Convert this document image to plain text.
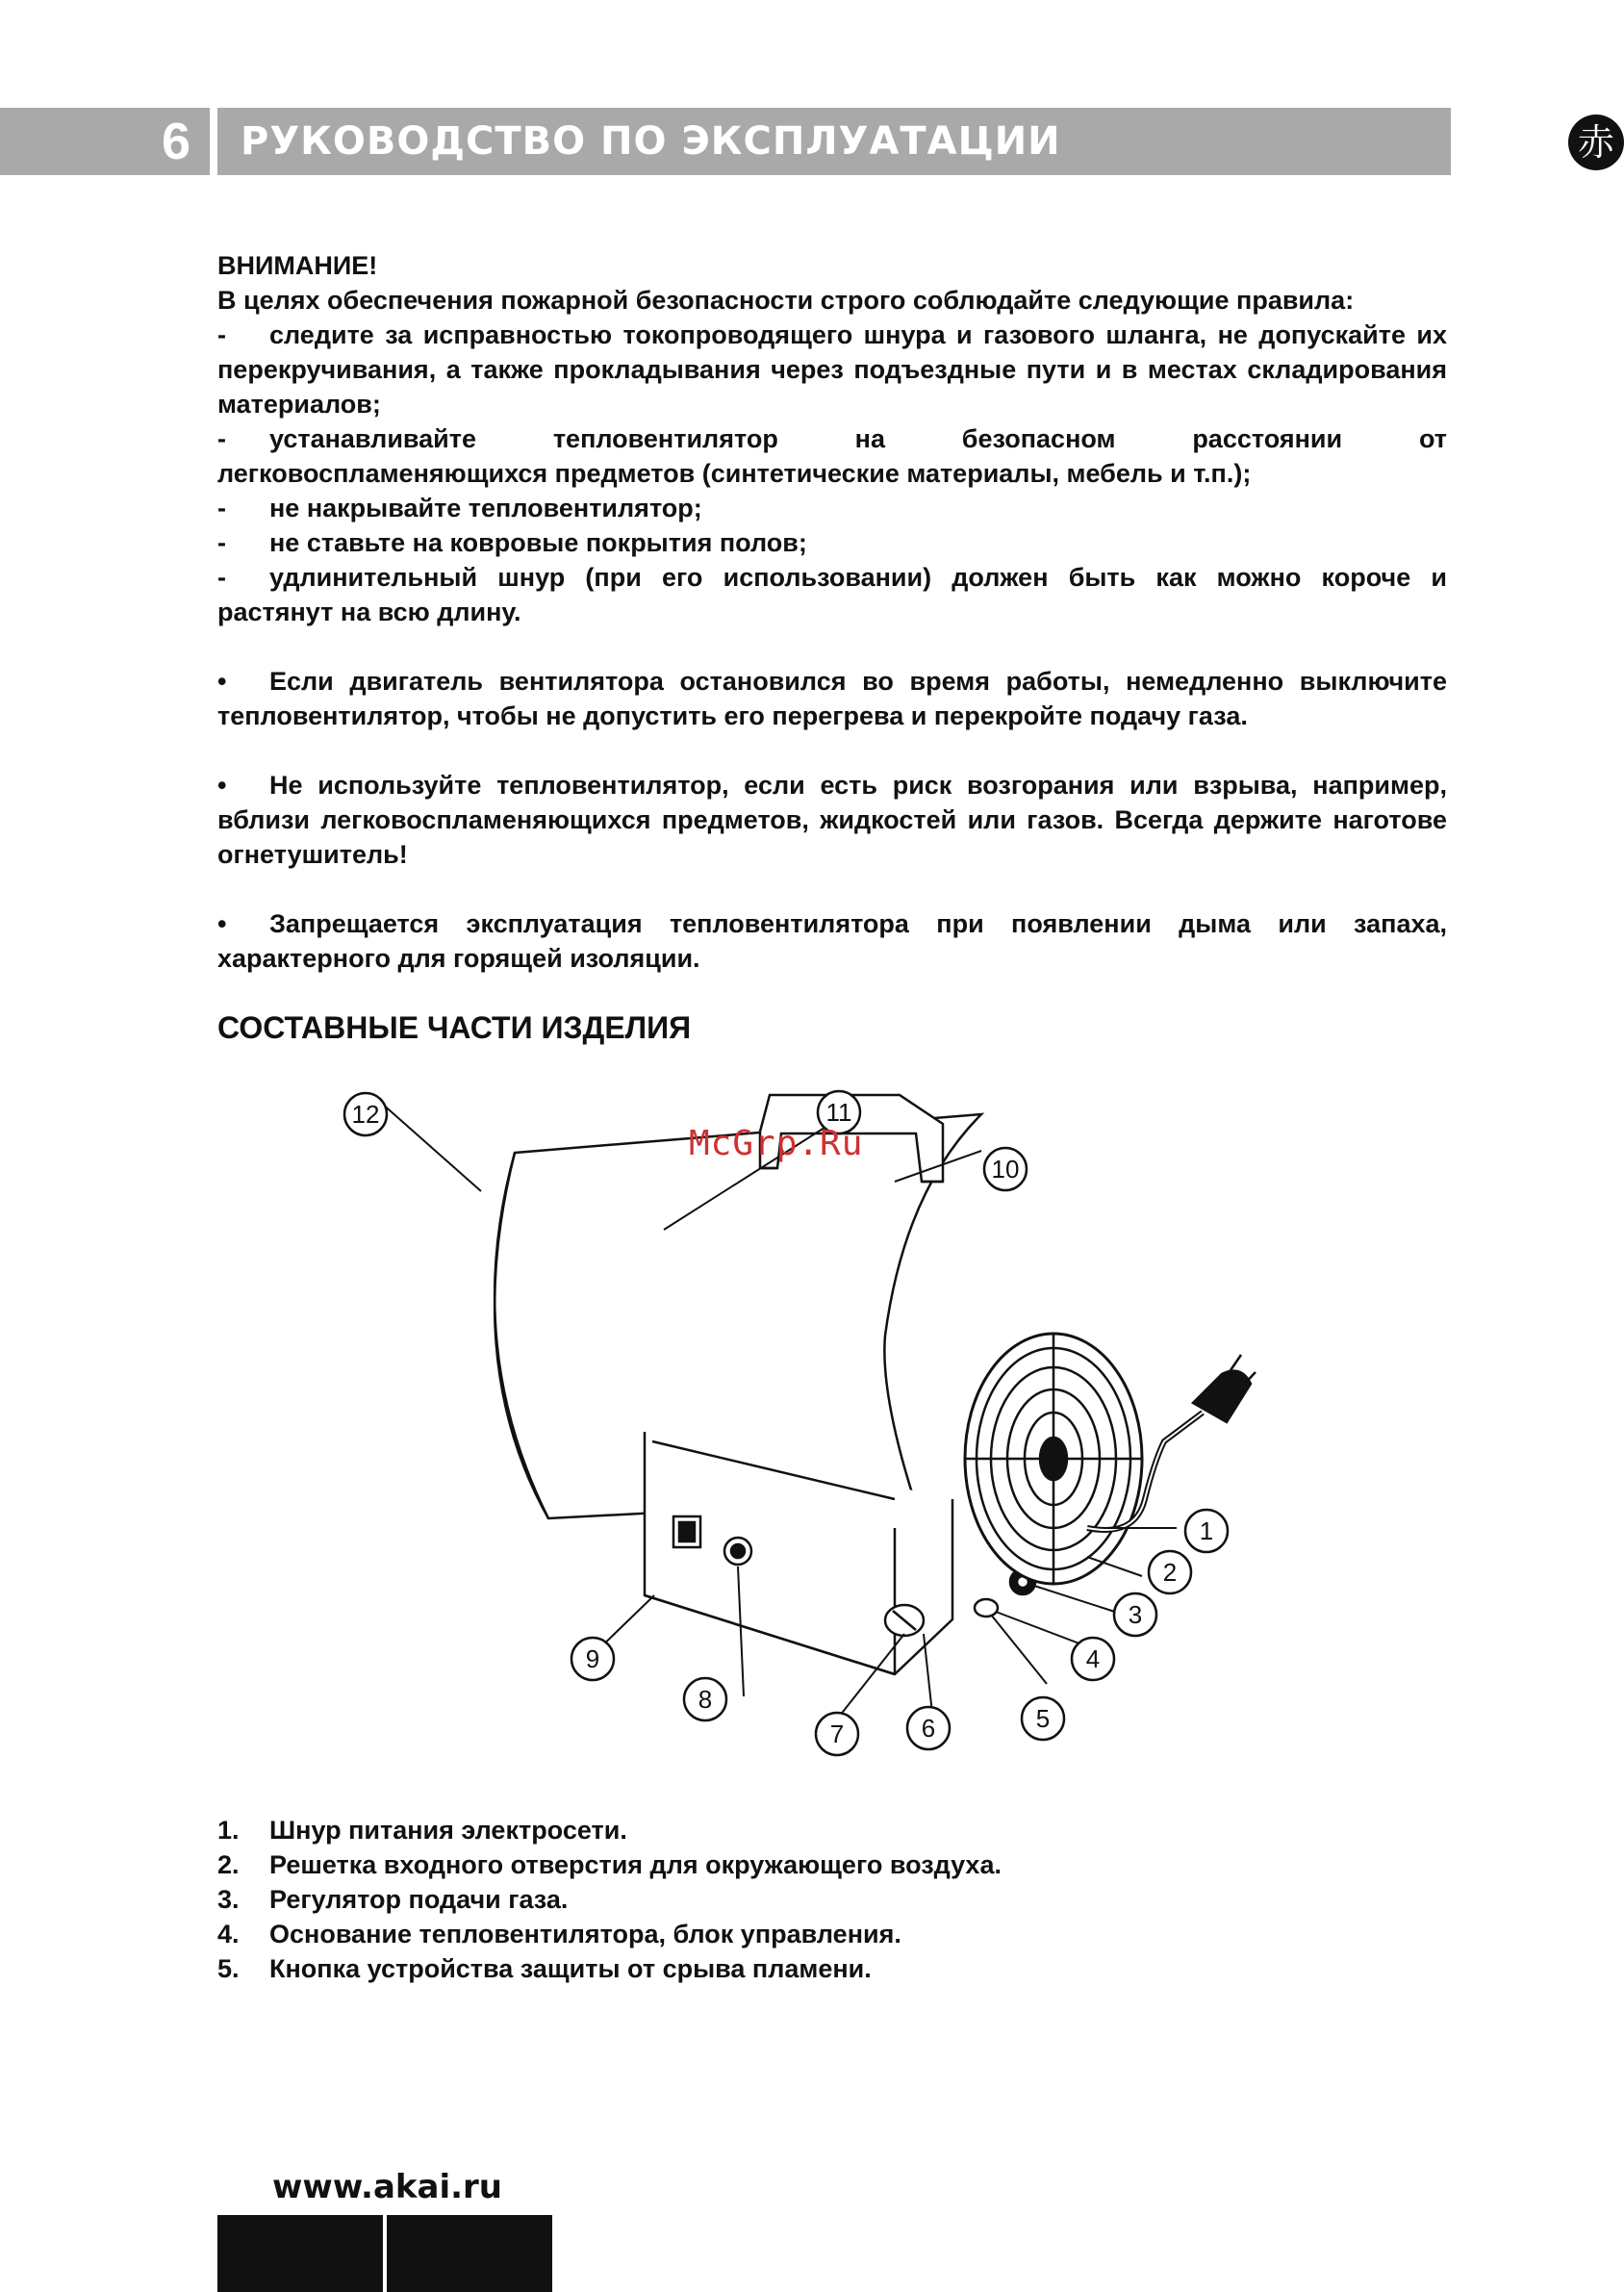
6 РУКОВОДСТВО ПО ЭКСПЛУАТАЦИИ	赤

ВНИМАНИЕ!

В целях обеспечения пожарной безопасности строго соблюдайте следующие правила:

-	следите за исправностью токопроводящего шнура и газового шланга, не допускайте их

перекручивания, а также прокладывания через подъездные пути и в местах складирования

материалов;

-	устанавливайте тепловентилятор на безопасном расстоянии от

легковоспламеняющихся предметов (синтетические материалы, мебель и т.п.);

-	не накрывайте тепловентилятор;
-	не ставьте на ковровые покрытия полов;
-	удлинительный шнур (при его использовании) должен быть как можно короче и

растянут на всю длину.

•	Если двигатель вентилятора остановился во время работы, немедленно выключите

тепловентилятор, чтобы не допустить его перегрева и перекройте подачу газа.

•	Не используйте тепловентилятор, если есть риск возгорания или взрыва, например,

вблизи легковоспламеняющихся предметов, жидкостей или газов. Всегда держите наготове

огнетушитель!

•	Запрещается эксплуатация тепловентилятора при появлении дыма или запаха,

характерного для горящей изоляции.

СОСТАВНЫЕ ЧАСТИ ИЗДЕЛИЯ
12	11
10
1
2
3
4
5
6
7
8
9
McGrp.Ru
1.	Шнур питания электросети.
2.	Решетка входного отверстия для окружающего воздуха.
3.	Регулятор подачи газа.
4.	Основание тепловентилятора, блок управления.
5.	Кнопка устройства защиты от срыва пламени.
www.akai.ru
